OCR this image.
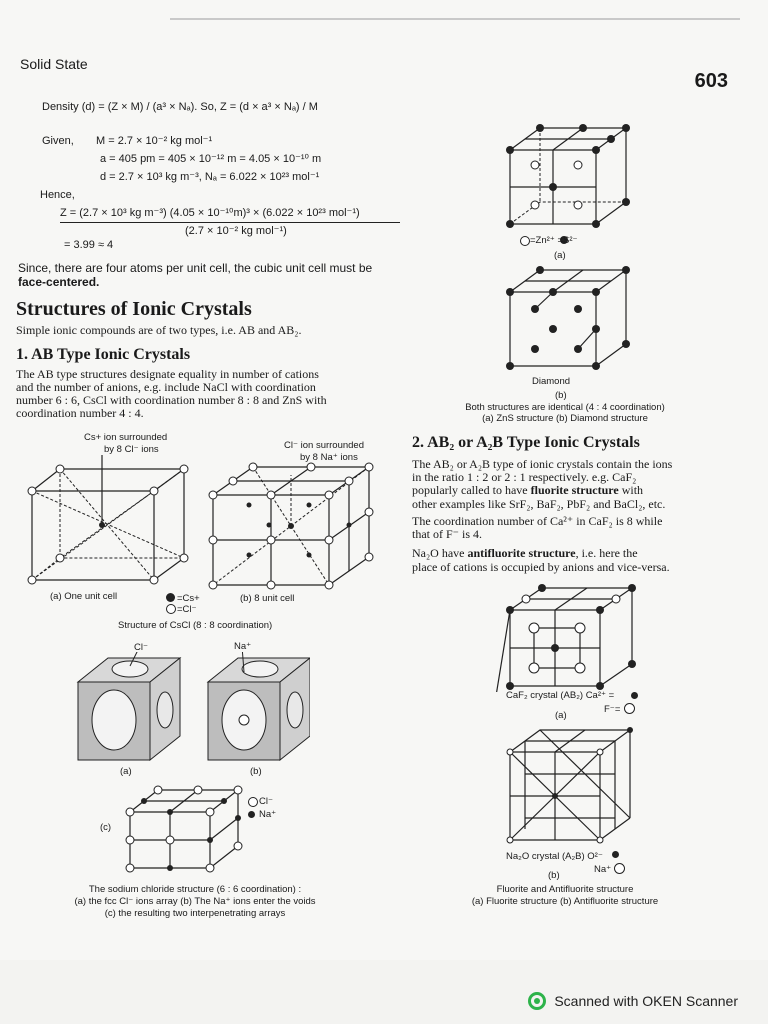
Solid State
603
Density (d) = (Z × M) / (a³ × Nₐ). So, Z = (d × a³ × Nₐ) / M
Given, M = 2.7 × 10⁻² kg mol⁻¹
a = 405 pm = 405 × 10⁻¹² m = 4.05 × 10⁻¹⁰ m
d = 2.7 × 10³ kg m⁻³, Nₐ = 6.022 × 10²³ mol⁻¹
Hence,
Z = (2.7 × 10³ kg m⁻³) (4.05 × 10⁻¹⁰m)³ × (6.022 × 10²³ mol⁻¹)
(2.7 × 10⁻² kg mol⁻¹)
= 3.99 ≈ 4
Since, there are four atoms per unit cell, the cubic unit cell must be
face-centered.
Structures of Ionic Crystals
Simple ionic compounds are of two types, i.e. AB and AB₂.
1. AB Type Ionic Crystals
The AB type structures designate equality in number of cations
and the number of anions, e.g. include NaCl with coordination
number 6 : 6, CsCl with coordination number 8 : 8 and ZnS with
coordination number 4 : 4.
Cs+ ion surrounded
by 8 Cl⁻ ions	Cl⁻ ion surrounded
by 8 Na⁺ ions
(a) One unit cell	=Cs+
=Cl⁻
(b) 8 unit cell
Structure of CsCl (8 : 8 coordination)
Cl⁻	Na⁺
(a)	(b)
(c)
Cl⁻
Na⁺
The sodium chloride structure (6 : 6 coordination) :
(a) the fcc Cl⁻ ions array (b) The Na⁺ ions enter the voids
(c) the resulting two interpenetrating arrays
=Zn²⁺ =S²⁻
(a)
Diamond
(b)
Both structures are identical (4 : 4 coordination)
(a) ZnS structure (b) Diamond structure
2. AB₂ or A₂B Type Ionic Crystals
The AB₂ or A₂B type of ionic crystals contain the ions
in the ratio 1 : 2 or 2 : 1 respectively. e.g. CaF₂
popularly called to have fluorite structure with
other examples like SrF₂, BaF₂, PbF₂ and BaCl₂, etc.
The coordination number of Ca²⁺ in CaF₂ is 8 while
that of F⁻ is 4.
Na₂O have antifluorite structure, i.e. here the
place of cations is occupied by anions and vice-versa.
CaF₂ crystal (AB₂) Ca²⁺ =
F⁻=
(a)
Na₂O crystal (A₂B) O²⁻
Na⁺
(b)
Fluorite and Antifluorite structure
(a) Fluorite structure (b) Antifluorite structure
Scanned with OKEN Scanner
